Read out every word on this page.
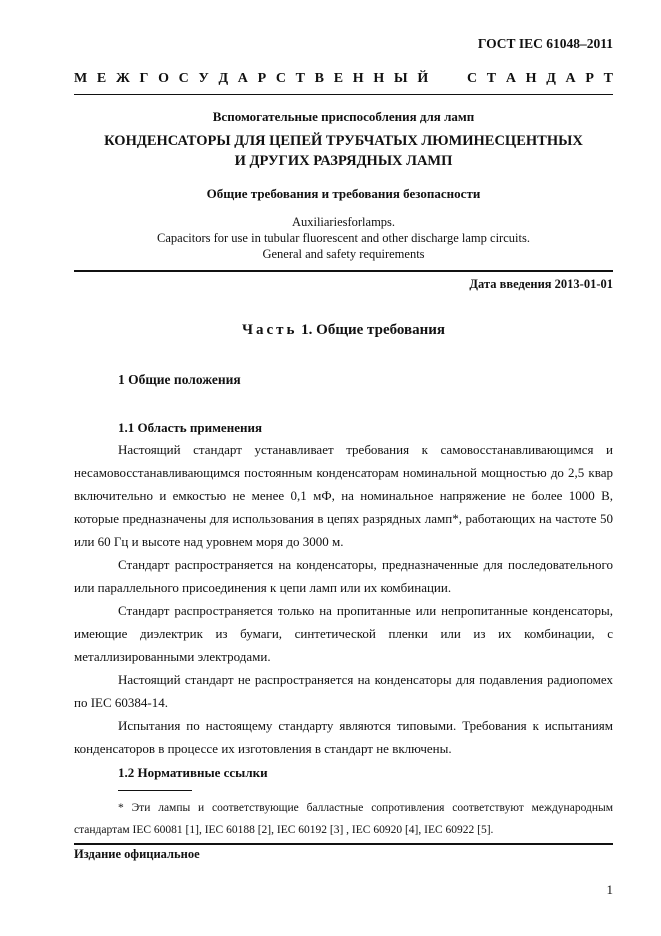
ГОСТ IEC 61048–2011
М Е Ж Г О С У Д А Р С Т В Е Н Н Ы Й	С Т А Н Д А Р Т
Вспомогательные приспособления для ламп
КОНДЕНСАТОРЫ ДЛЯ ЦЕПЕЙ ТРУБЧАТЫХ ЛЮМИНЕСЦЕНТНЫХ
И ДРУГИХ РАЗРЯДНЫХ ЛАМП
Общие требования и требования безопасности
Auxiliariesforlamps.
Capacitors for use in tubular fluorescent and other discharge lamp circuits.
General and safety requirements
Дата введения 2013-01-01
Часть 1. Общие требования
1 Общие положения
1.1 Область применения
Настоящий стандарт устанавливает требования к самовосстанавливающимся и несамовосстанавливающимся постоянным конденсаторам номинальной мощностью до 2,5 квар включительно и емкостью не менее 0,1 мФ, на номинальное напряжение не более 1000 В, которые предназначены для использования в цепях разрядных ламп*, работающих на частоте 50 или 60 Гц и высоте над уровнем моря до 3000 м.
Стандарт распространяется на конденсаторы, предназначенные для последовательного или параллельного присоединения к цепи ламп или их комбинации.
Стандарт распространяется только на пропитанные или непропитанные конденсаторы, имеющие диэлектрик из бумаги, синтетической пленки или из их комбинации, с металлизированными электродами.
Настоящий стандарт не распространяется на конденсаторы для подавления радиопомех по IEC 60384-14.
Испытания по настоящему стандарту являются типовыми. Требования к испытаниям конденсаторов в процессе их изготовления в стандарт не включены.
1.2 Нормативные ссылки
* Эти лампы и соответствующие балластные сопротивления соответствуют международным стандартам IEC 60081 [1], IEC 60188 [2], IEC 60192 [3] , IEC 60920 [4], IEC 60922 [5].
Издание официальное
1
